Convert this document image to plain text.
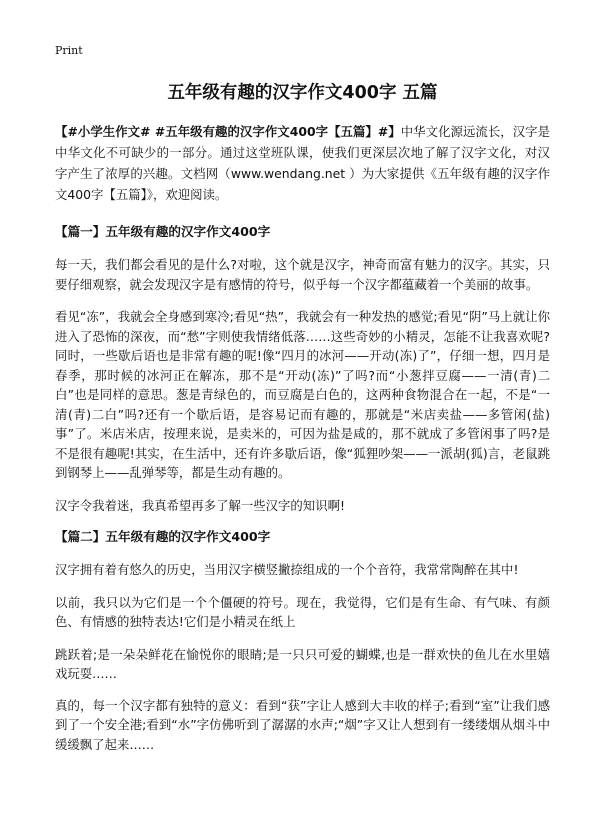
Print
五年级有趣的汉字作文400字 五篇
【#小学生作文# #五年级有趣的汉字作文400字【五篇】#】中华文化源远流长，汉字是中华文化不可缺少的一部分。通过这堂班队课，使我们更深层次地了解了汉字文化，对汉字产生了浓厚的兴趣。文档网（www.wendang.net ）为大家提供《五年级有趣的汉字作文400字【五篇】》，欢迎阅读。
【篇一】五年级有趣的汉字作文400字
每一天，我们都会看见的是什么?对啦，这个就是汉字，神奇而富有魅力的汉字。其实，只要仔细观察，就会发现汉字是有感情的符号，似乎每一个汉字都蕴藏着一个美丽的故事。
看见“冻”，我就会全身感到寒冷;看见“热”，我就会有一种发热的感觉;看见“阴”马上就让你进入了恐怖的深夜，而“愁”字则使我情绪低落……这些奇妙的小精灵，怎能不让我喜欢呢?同时，一些歇后语也是非常有趣的呢!像“四月的冰河——开动(冻)了”，仔细一想，四月是春季，那时候的冰河正在解冻，那不是“开动(冻)”了吗?而“小葱拌豆腐——一清(青)二白”也是同样的意思。葱是青绿色的，而豆腐是白色的，这两种食物混合在一起，不是“一清(青)二白”吗?还有一个歇后语，是容易记而有趣的，那就是“米店卖盐——多管闲(盐)事”了。米店米店，按理来说，是卖米的，可因为盐是咸的，那不就成了多管闲事了吗?是不是很有趣呢!其实，在生活中，还有许多歇后语，像“狐狸吵架——一派胡(狐)言，老鼠跳到钢琴上——乱弹琴等，都是生动有趣的。
汉字令我着迷，我真希望再多了解一些汉字的知识啊!
【篇二】五年级有趣的汉字作文400字
汉字拥有着有悠久的历史，当用汉字横竖撇捺组成的一个个音符，我常常陶醉在其中!
以前，我只以为它们是一个个僵硬的符号。现在，我觉得，它们是有生命、有气味、有颜色、有情感的独特表达!它们是小精灵在纸上
跳跃着;是一朵朵鲜花在愉悦你的眼睛;是一只只可爱的蝴蝶,也是一群欢快的鱼儿在水里嬉戏玩耍……
真的，每一个汉字都有独特的意义：看到“获”字让人感到大丰收的样子;看到“室”让我们感到了一个安全港;看到“水”字仿佛听到了潺潺的水声;“烟”字又让人想到有一缕缕烟从烟斗中缓缓飘了起来……
